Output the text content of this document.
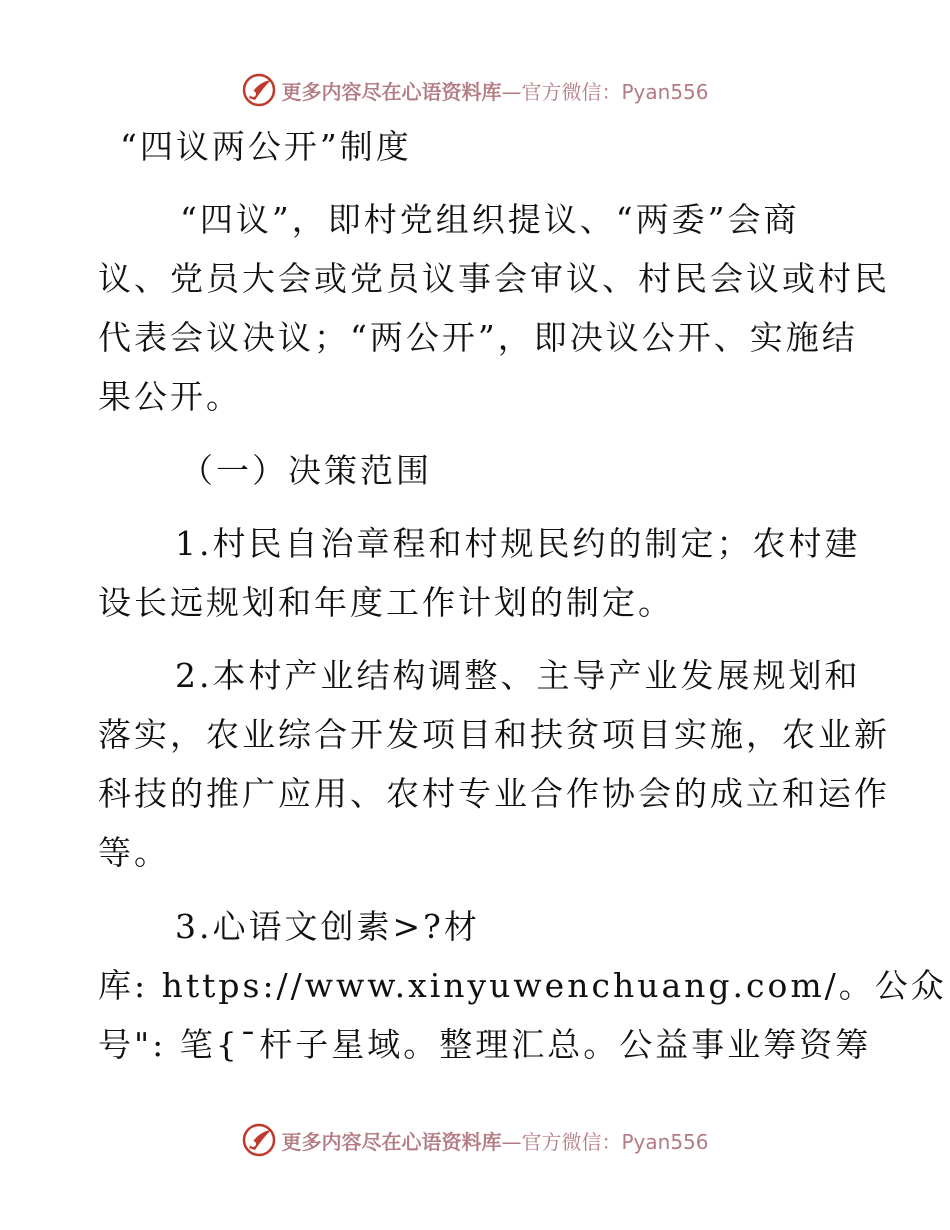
更多内容尽在心语资料库—官方微信：Pyan556
“四议两公开”制度
“四议”，即村党组织提议、“两委”会商
议、党员大会或党员议事会审议、村民会议或村民
代表会议决议；“两公开”，即决议公开、实施结
果公开。
（一）决策范围
1.村民自治章程和村规民约的制定；农村建
设长远规划和年度工作计划的制定。
2.本村产业结构调整、主导产业发展规划和
落实，农业综合开发项目和扶贫项目实施，农业新
科技的推广应用、农村专业合作协会的成立和运作
等。
3.心语文创素>?材
库: https://www.xinyuwenchuang.com/。公众
号": 笔{ˉ杆子星域。整理汇总。公益事业筹资筹
更多内容尽在心语资料库—官方微信：Pyan556
